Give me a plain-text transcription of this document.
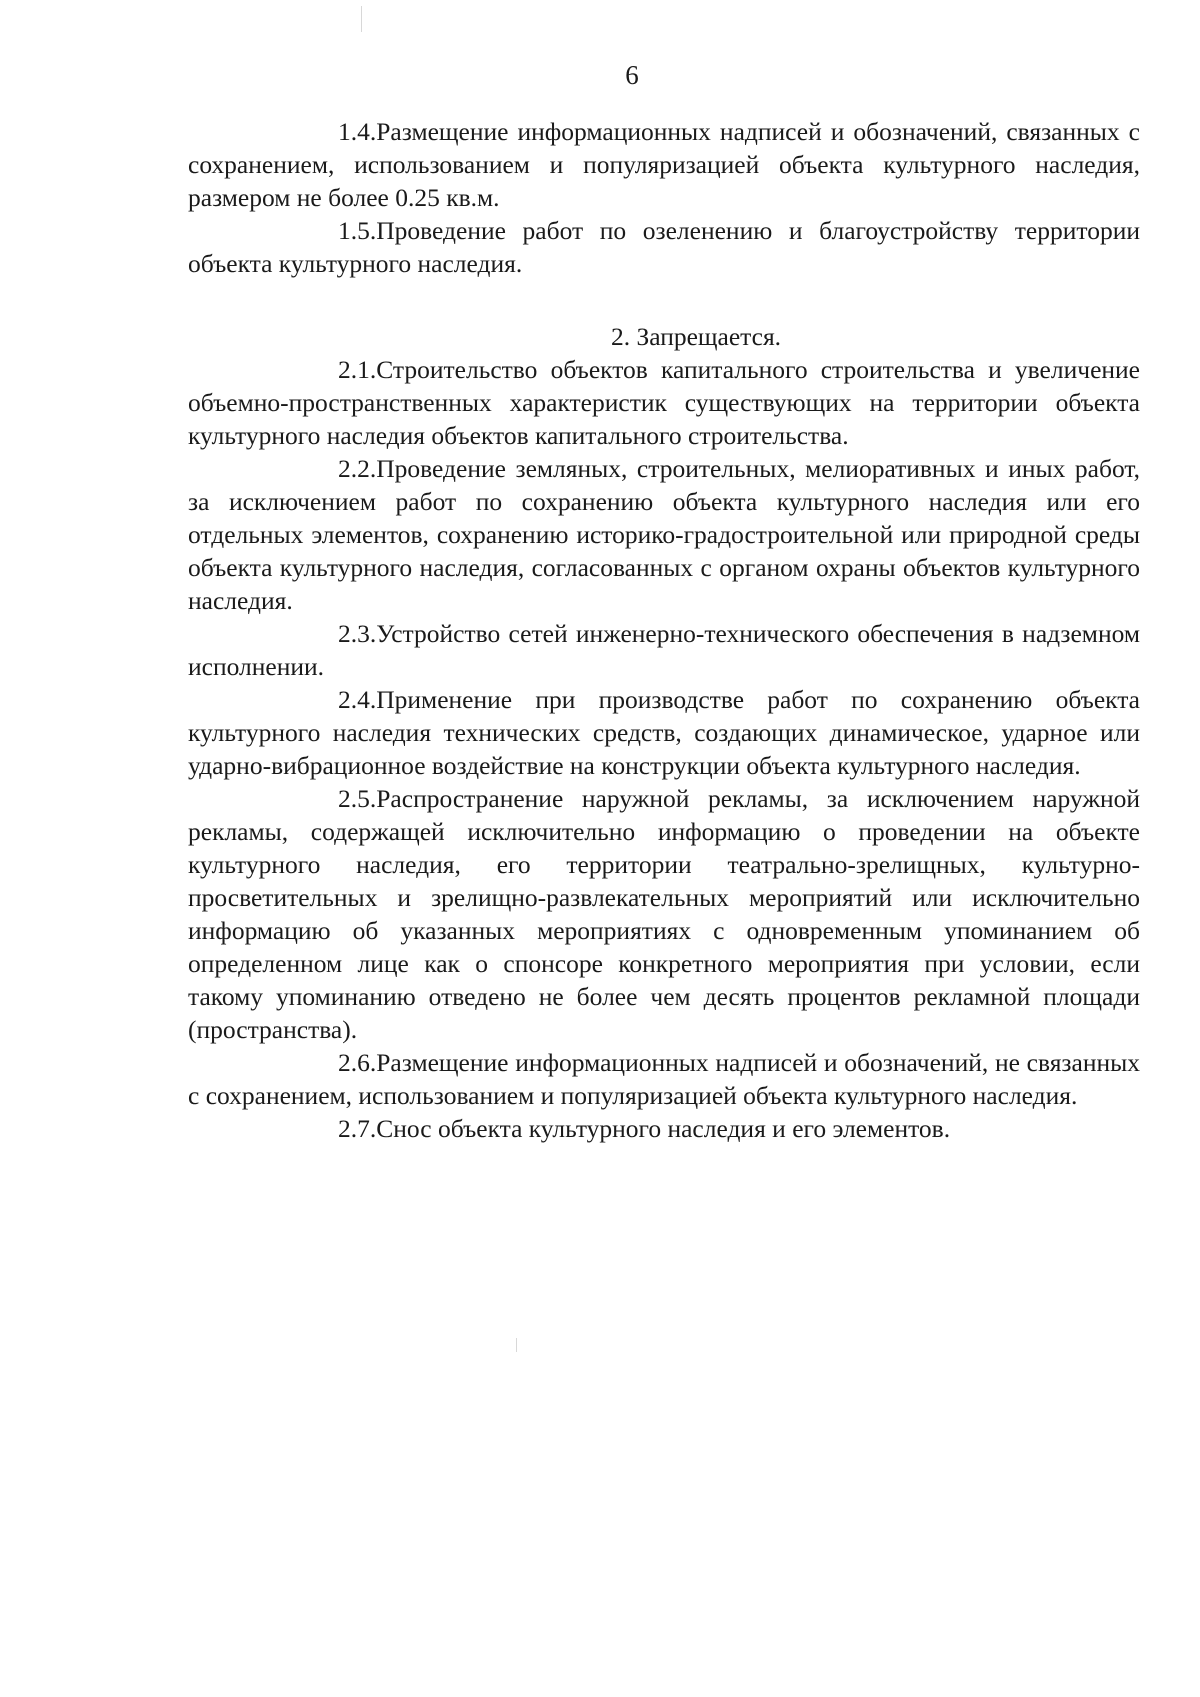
6

1.4.Размещение информационных надписей и обозначений, связанных с сохранением, использованием и популяризацией объекта культурного наследия, размером не более 0.25 кв.м.

1.5.Проведение работ по озеленению и благоустройству территории объекта культурного наследия.

2. Запрещается.

2.1.Строительство объектов капитального строительства и увеличение объемно-пространственных характеристик существующих на территории объекта культурного наследия объектов капитального строительства.

2.2.Проведение земляных, строительных, мелиоративных и иных работ, за исключением работ по сохранению объекта культурного наследия или его отдельных элементов, сохранению историко-градостроительной или природной среды объекта культурного наследия, согласованных с органом охраны объектов культурного наследия.

2.3.Устройство сетей инженерно-технического обеспечения в надземном исполнении.

2.4.Применение при производстве работ по сохранению объекта культурного наследия технических средств, создающих динамическое, ударное или ударно-вибрационное воздействие на конструкции объекта культурного наследия.

2.5.Распространение наружной рекламы, за исключением наружной рекламы, содержащей исключительно информацию о проведении на объекте культурного наследия, его территории театрально-зрелищных, культурно-просветительных и зрелищно-развлекательных мероприятий или исключительно информацию об указанных мероприятиях с одновременным упоминанием об определенном лице как о спонсоре конкретного мероприятия при условии, если такому упоминанию отведено не более чем десять процентов рекламной площади (пространства).

2.6.Размещение информационных надписей и обозначений, не связанных с сохранением, использованием и популяризацией объекта культурного наследия.

2.7.Снос объекта культурного наследия и его элементов.
